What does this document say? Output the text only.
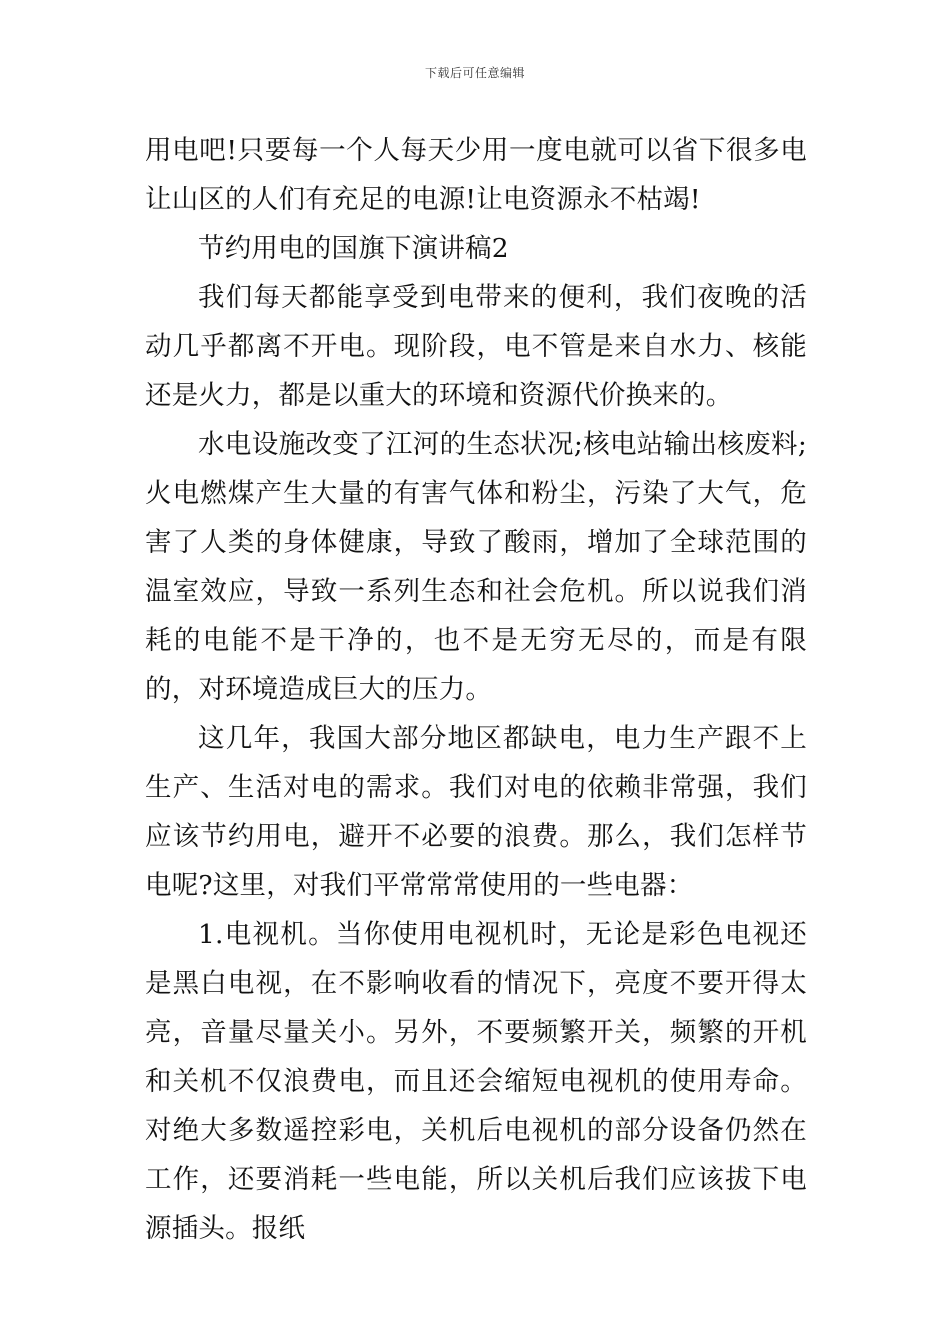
下载后可任意编辑

用电吧!只要每一个人每天少用一度电就可以省下很多电让山区的人们有充足的电源!让电资源永不枯竭!

节约用电的国旗下演讲稿2

我们每天都能享受到电带来的便利，我们夜晚的活动几乎都离不开电。现阶段，电不管是来自水力、核能还是火力，都是以重大的环境和资源代价换来的。

水电设施改变了江河的生态状况;核电站输出核废料;火电燃煤产生大量的有害气体和粉尘，污染了大气，危害了人类的身体健康，导致了酸雨，增加了全球范围的温室效应，导致一系列生态和社会危机。所以说我们消耗的电能不是干净的，也不是无穷无尽的，而是有限的，对环境造成巨大的压力。

这几年，我国大部分地区都缺电，电力生产跟不上生产、生活对电的需求。我们对电的依赖非常强，我们应该节约用电，避开不必要的浪费。那么，我们怎样节电呢?这里，对我们平常常常使用的一些电器：

1.电视机。当你使用电视机时，无论是彩色电视还是黑白电视，在不影响收看的情况下，亮度不要开得太亮，音量尽量关小。另外，不要频繁开关，频繁的开机和关机不仅浪费电，而且还会缩短电视机的使用寿命。对绝大多数遥控彩电，关机后电视机的部分设备仍然在工作，还要消耗一些电能，所以关机后我们应该拔下电源插头。报纸
